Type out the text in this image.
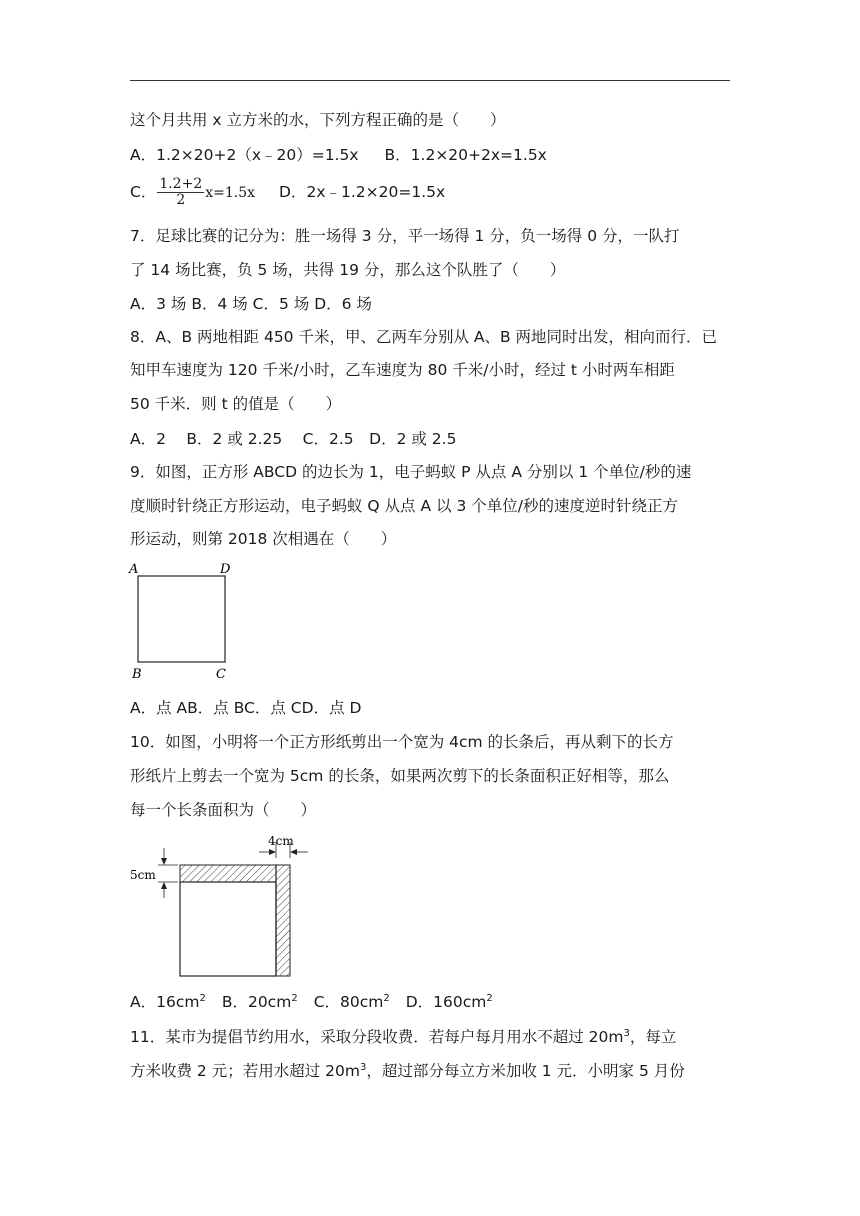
这个月共用 x 立方米的水，下列方程正确的是（　　）
A．1.2×20+2（x﹣20）=1.5x B．1.2×20+2x=1.5x
C． $\frac{1.2+2}{2} x=1.5x$ D．2x﹣1.2×20=1.5x
7．足球比赛的记分为：胜一场得 3 分，平一场得 1 分，负一场得 0 分，一队打
了 14 场比赛，负 5 场，共得 19 分，那么这个队胜了（　　）
A．3 场 B．4 场 C．5 场 D．6 场
8．A、B 两地相距 450 千米，甲、乙两车分别从 A、B 两地同时出发，相向而行．已
知甲车速度为 120 千米/小时，乙车速度为 80 千米/小时，经过 t 小时两车相距
50 千米．则 t 的值是（　　）
A．2　 B．2 或 2.25　 C．2.5　D．2 或 2.5
9．如图，正方形 ABCD 的边长为 1，电子蚂蚁 P 从点 A 分别以 1 个单位/秒的速
度顺时针绕正方形运动，电子蚂蚁 Q 从点 A 以 3 个单位/秒的速度逆时针绕正方
形运动，则第 2018 次相遇在（　　）
A	D
B	C
A．点 AB．点 BC．点 CD．点 D
10．如图，小明将一个正方形纸剪出一个宽为 4cm 的长条后，再从剩下的长方
形纸片上剪去一个宽为 5cm 的长条，如果两次剪下的长条面积正好相等，那么
每一个长条面积为（　　）
4cm
5cm
A．$16cm^2$ B．$20cm^2$ C．$80cm^2$ D．$160cm^2$
11．某市为提倡节约用水，采取分段收费．若每户每月用水不超过 $20m^3$，每立
方米收费 2 元；若用水超过 $20m^3$，超过部分每立方米加收 1 元．小明家 5 月份
